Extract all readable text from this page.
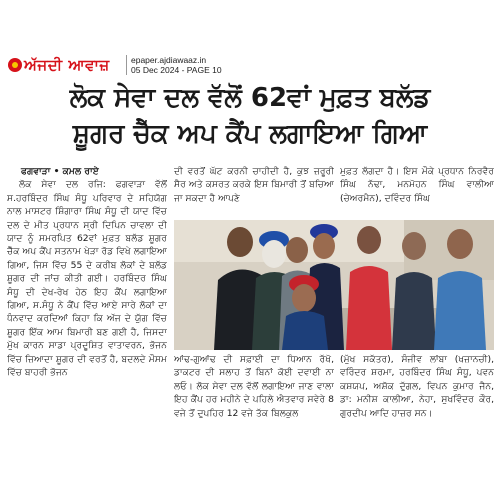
ਅੱਜਦੀ ਆਵਾਜ਼	epaper.ajdiawaaz.in
05 Dec 2024 - PAGE 10
ਲੋਕ ਸੇਵਾ ਦਲ ਵੱਲੋਂ 62ਵਾਂ ਮੁਫ਼ਤ ਬਲੱਡ
ਸ਼ੂਗਰ ਚੈੱਕ ਅਪ ਕੈਂਪ ਲਗਾਇਆ ਗਿਆ
ਫਗਵਾੜਾ • ਕਮਲ ਰਾਏ
ਲੋਕ ਸੇਵਾ ਦਲ ਰਜਿ: ਫਗਵਾੜਾ ਵੱਲੋਂ ਸ.ਹਰਬਿੰਦਰ ਸਿੰਘ ਸੰਧੂ ਪਰਿਵਾਰ ਦੇ ਸਹਿਯੋਗ ਨਾਲ ਮਾਸਟਰ ਸ਼ਿੰਗਾਰਾ ਸਿੰਘ ਸੰਧੂ ਦੀ ਯਾਦ ਵਿੱਚ ਦਲ ਦੇ ਮੀਤ ਪ੍ਰਧਾਨ ਸ੍ਰੀ ਦਿਪਿਨ ਚਾਵਲਾ ਦੀ ਯਾਦ ਨੂੰ ਸਮਰਪਿਤ 62ਵਾਂ ਮੁਫ਼ਤ ਬਲੱਡ ਸ਼ੂਗਰ ਚੈੱਕ ਅਪ ਕੈਂਪ ਸਤਨਾਮ ਖੇੜਾ ਰੋਡ ਵਿਖੇ ਲਗਾਇਆ ਗਿਆ, ਜਿਸ ਵਿੱਚ 55 ਦੇ ਕਰੀਬ ਲੋਕਾਂ ਦੇ ਬਲੱਡ ਸ਼ੂਗਰ ਦੀ ਜਾਂਚ ਕੀਤੀ ਗਈ। ਹਰਬਿੰਦਰ ਸਿੰਘ ਸੰਧੂ ਦੀ ਦੇਖ-ਰੇਖ ਹੇਠ ਇਹ ਕੈਂਪ ਲਗਾਇਆ ਗਿਆ, ਸ.ਸੰਧੂ ਨੇ ਕੈਂਪ ਵਿੱਚ ਆਏ ਸਾਰੇ ਲੋਕਾਂ ਦਾ ਧੰਨਵਾਦ ਕਰਦਿਆਂ ਕਿਹਾ ਕਿ ਅੱਜ ਦੇ ਯੁੱਗ ਵਿੱਚ ਸ਼ੂਗਰ ਇੱਕ ਆਮ ਬਿਮਾਰੀ ਬਣ ਗਈ ਹੈ, ਜਿਸਦਾ ਮੁੱਖ ਕਾਰਨ ਸਾਡਾ ਪ੍ਰਦੂਸ਼ਿਤ ਵਾਤਾਵਰਨ, ਭੋਜਨ ਵਿੱਚ ਜ਼ਿਆਦਾ ਸ਼ੂਗਰ ਦੀ ਵਰਤੋਂ ਹੈ, ਬਦਲਦੇ ਮੌਸਮ ਵਿੱਚ ਬਾਹਰੀ ਭੋਜਨ
ਦੀ ਵਰਤੋਂ ਘੱਟ ਕਰਨੀ ਚਾਹੀਦੀ ਹੈ, ਕੁਝ ਜ਼ਰੂਰੀ ਸੈਰ ਅਤੇ ਕਸਰਤ ਕਰਕੇ ਇਸ ਬਿਮਾਰੀ ਤੋਂ ਬਚਿਆ ਜਾ ਸਕਦਾ ਹੈ ਆਪਣੇ
ਮੁਫ਼ਤ ਲੱਗਦਾ ਹੈ। ਇਸ ਮੌਕੇ ਪ੍ਰਧਾਨ ਨਿਰਵੈਰ ਸਿੰਘ ਨੱਢਾ, ਮਨਮੋਹਨ ਸਿੰਘ ਵਾਲੀਆ (ਚੇਅਰਮੈਨ), ਦਵਿੰਦਰ ਸਿੰਘ
ਆਂਢ-ਗੁਆਂਢ ਦੀ ਸਫ਼ਾਈ ਦਾ ਧਿਆਨ ਰੱਖੋ, ਡਾਕਟਰ ਦੀ ਸਲਾਹ ਤੋਂ ਬਿਨਾਂ ਕੋਈ ਦਵਾਈ ਨਾ ਲਓ। ਲੋਕ ਸੇਵਾ ਦਲ ਵੱਲੋਂ ਲਗਾਇਆ ਜਾਣ ਵਾਲਾ ਇਹ ਕੈਂਪ ਹਰ ਮਹੀਨੇ ਦੇ ਪਹਿਲੇ ਐਤਵਾਰ ਸਵੇਰੇ 8 ਵਜੇ ਤੋਂ ਦੁਪਹਿਰ 12 ਵਜੇ ਤੱਕ ਬਿਲਕੁਲ
(ਮੁੱਖ ਸਕੱਤਰ), ਸੰਜੀਵ ਲਾਂਬਾ (ਖਜ਼ਾਨਚੀ), ਵਰਿੰਦਰ ਸ਼ਰਮਾ, ਹਰਬਿੰਦਰ ਸਿੰਘ ਸੰਧੂ, ਪਵਨ ਕਸ਼ਯਪ, ਅਸ਼ੋਕ ਦੁੱਗਲ, ਵਿਪਨ ਕੁਮਾਰ ਜੈਨ, ਡਾ: ਮਨੀਸ਼ ਕਾਲੀਆ, ਨੇਹਾ, ਸੁਖਵਿੰਦਰ ਕੌਰ, ਗੁਰਦੀਪ ਆਦਿ ਹਾਜ਼ਰ ਸਨ।
